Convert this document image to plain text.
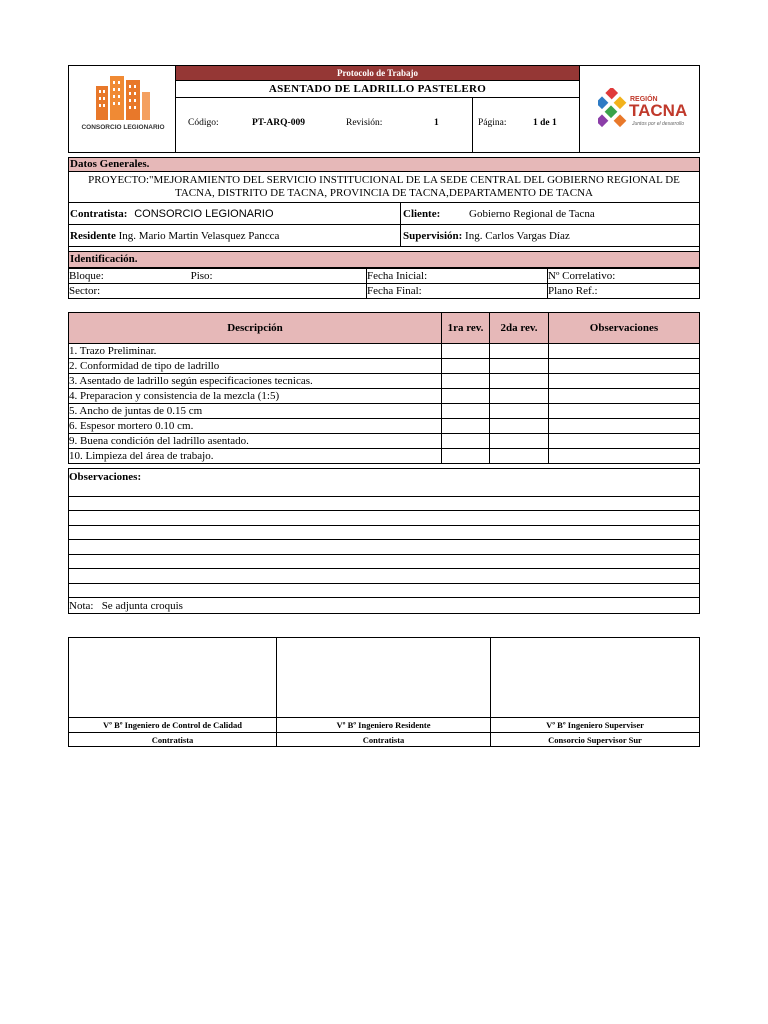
CONSORCIO LEGIONARIO
Protocolo de Trabajo
ASENTADO DE LADRILLO PASTELERO
Código:	PT-ARQ-009	Revisión:	1	Página:	1 de 1
REGIÓN
TACNA
Juntos por el desarrollo
Datos Generales.
PROYECTO:"MEJORAMIENTO DEL SERVICIO INSTITUCIONAL DE LA SEDE CENTRAL DEL GOBIERNO REGIONAL DE TACNA, DISTRITO DE TACNA, PROVINCIA DE TACNA,DEPARTAMENTO DE TACNA
Contratista: CONSORCIO LEGIONARIO	Cliente: Gobierno Regional de Tacna
Residente Ing. Mario Martin Velasquez Pancca	Supervisión: Ing. Carlos Vargas Díaz
Identificación.
Bloque: Piso:	Fecha Inicial:	Nº Correlativo:
Sector:	Fecha Final:	Plano Ref.:
Descripción	1ra rev.	2da rev.	Observaciones
1. Trazo Preliminar.			
2. Conformidad de tipo de ladrillo			
3. Asentado de ladrillo según especificaciones tecnicas.			
4. Preparacion y consistencia de la mezcla (1:5)			
5. Ancho de juntas de 0.15 cm			
6. Espesor mortero 0.10 cm.			
9. Buena condición del ladrillo asentado.			
10. Limpieza del área de trabajo.			
Observaciones:

Nota:   Se adjunta croquis

Vº Bº Ingeniero de Control de Calidad	Vº Bº Ingeniero Residente	Vº Bº Ingeniero Superviser
Contratista	Contratista	Consorcio Supervisor Sur
